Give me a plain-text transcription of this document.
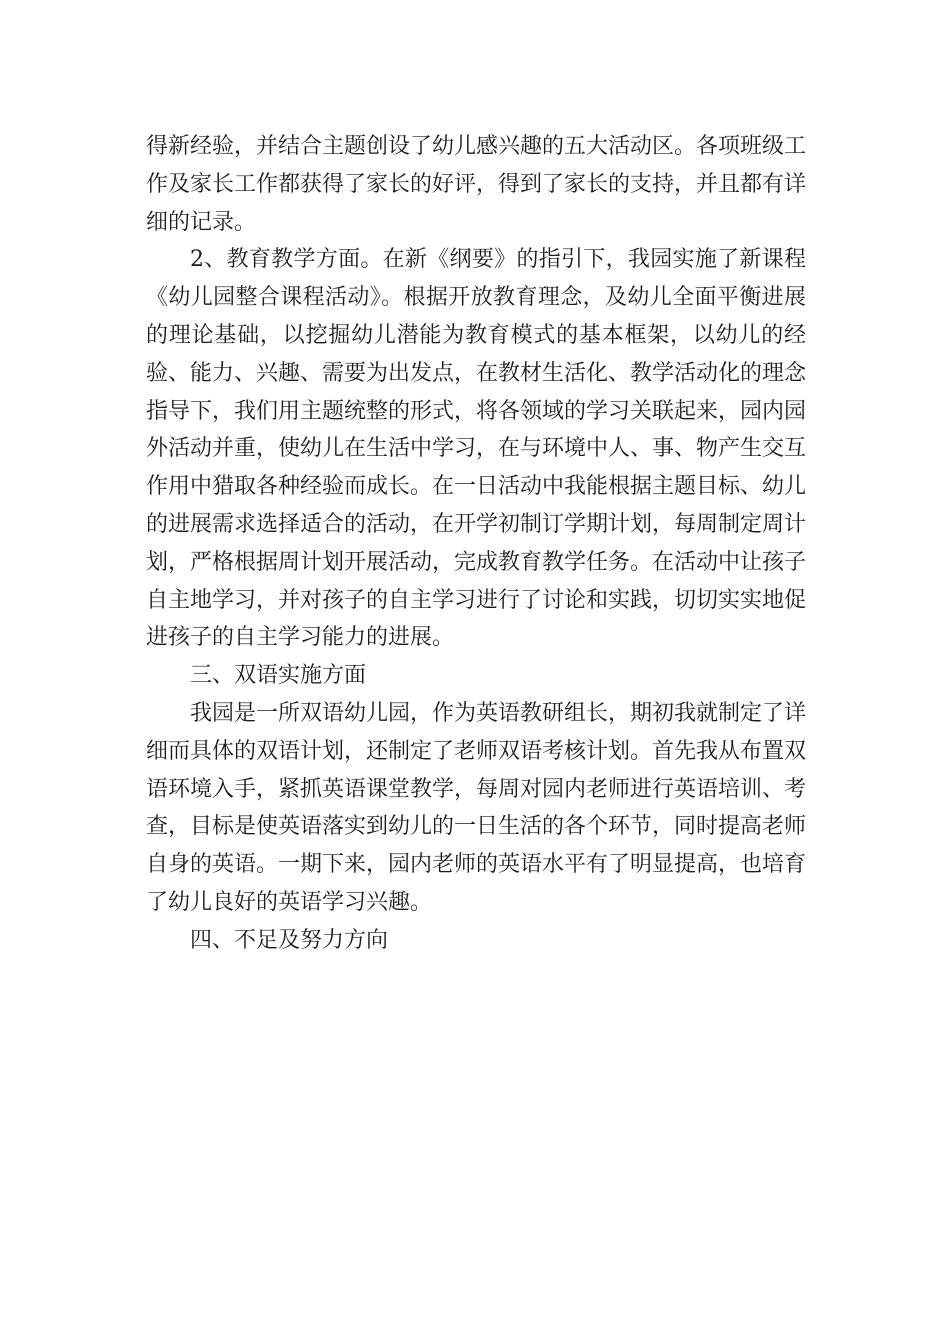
得新经验，并结合主题创设了幼儿感兴趣的五大活动区。各项班级工作及家长工作都获得了家长的好评，得到了家长的支持，并且都有详细的记录。

2、教育教学方面。在新《纲要》的指引下，我园实施了新课程《幼儿园整合课程活动》。根据开放教育理念，及幼儿全面平衡进展的理论基础，以挖掘幼儿潜能为教育模式的基本框架，以幼儿的经验、能力、兴趣、需要为出发点，在教材生活化、教学活动化的理念指导下，我们用主题统整的形式，将各领域的学习关联起来，园内园外活动并重，使幼儿在生活中学习，在与环境中人、事、物产生交互作用中猎取各种经验而成长。在一日活动中我能根据主题目标、幼儿的进展需求选择适合的活动，在开学初制订学期计划，每周制定周计划，严格根据周计划开展活动，完成教育教学任务。在活动中让孩子自主地学习，并对孩子的自主学习进行了讨论和实践，切切实实地促进孩子的自主学习能力的进展。

三、双语实施方面

我园是一所双语幼儿园，作为英语教研组长，期初我就制定了详细而具体的双语计划，还制定了老师双语考核计划。首先我从布置双语环境入手，紧抓英语课堂教学，每周对园内老师进行英语培训、考查，目标是使英语落实到幼儿的一日生活的各个环节，同时提高老师自身的英语。一期下来，园内老师的英语水平有了明显提高，也培育了幼儿良好的英语学习兴趣。

四、不足及努力方向
